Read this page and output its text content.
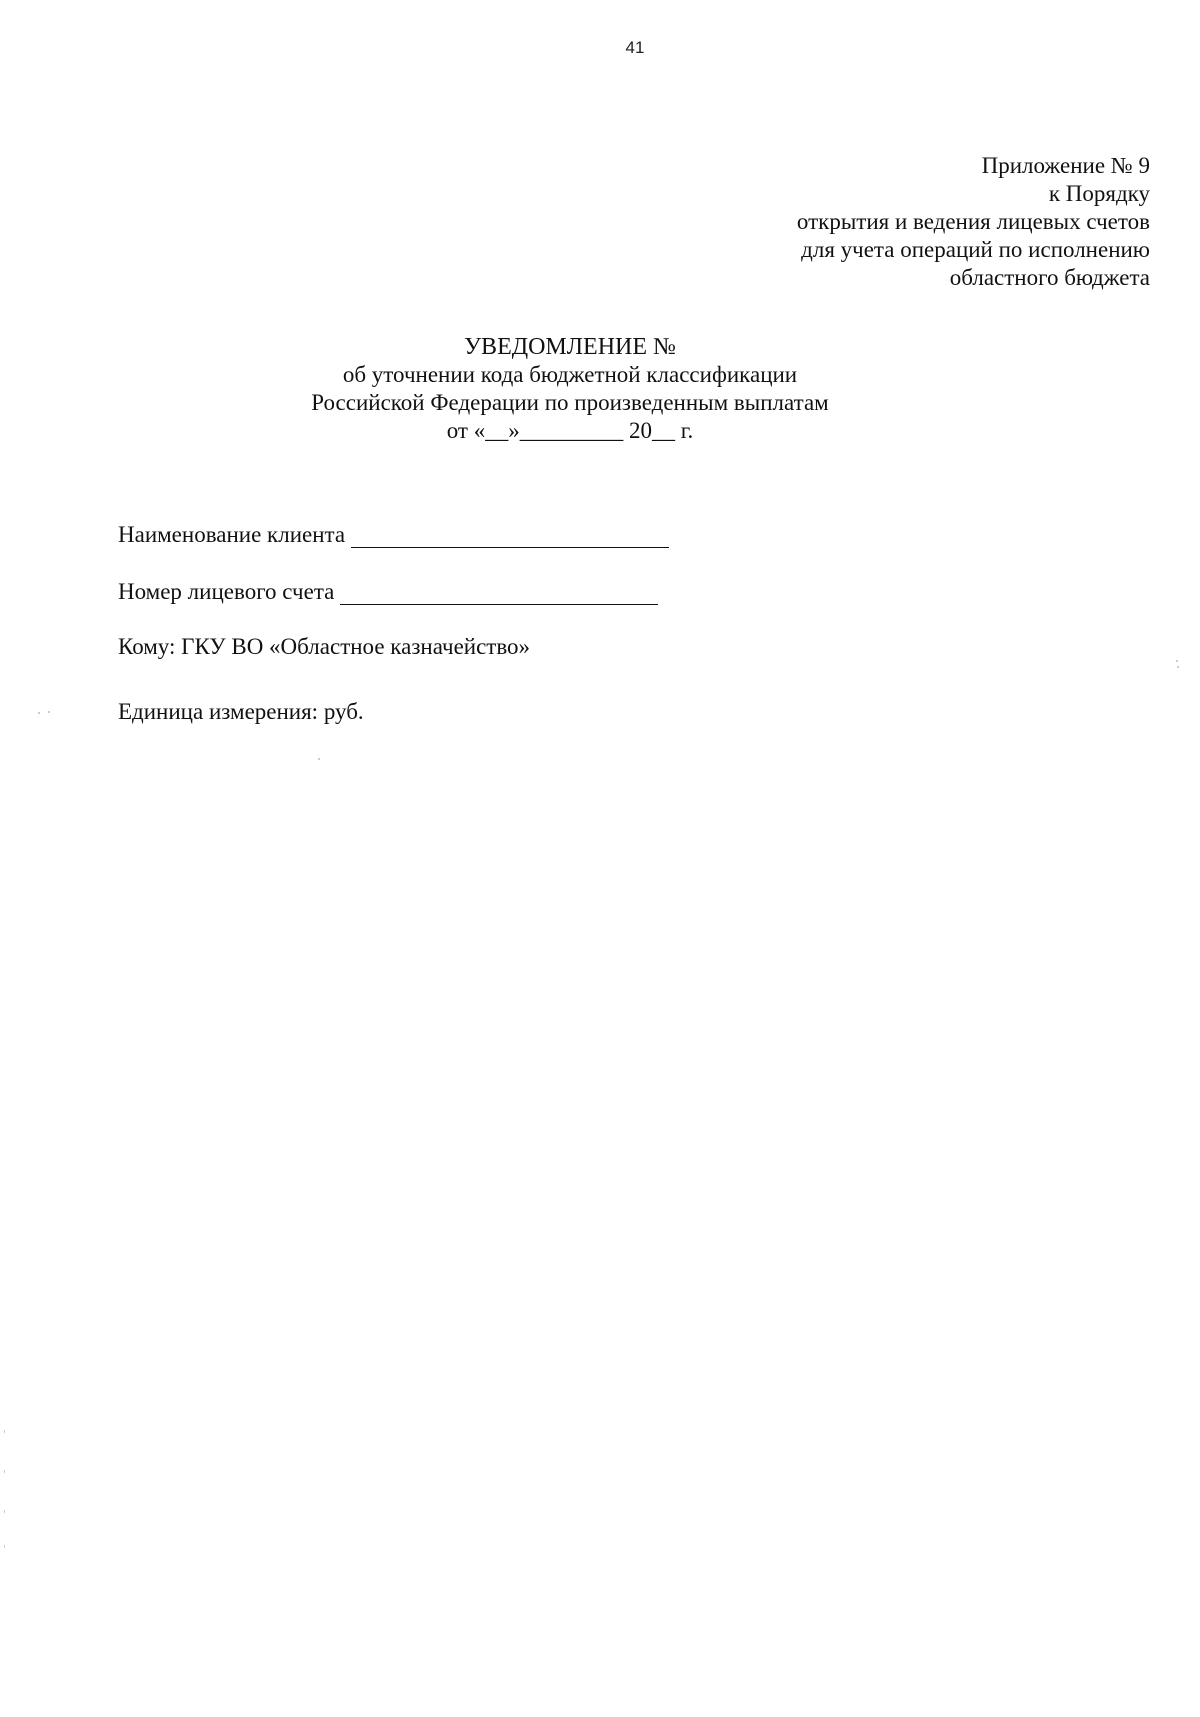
41
Приложение № 9
к Порядку
открытия и ведения лицевых счетов
для учета операций по исполнению
областного бюджета
УВЕДОМЛЕНИЕ №
об уточнении кода бюджетной классификации
Российской Федерации по произведенным выплатам
от «__»_________ 20__ г.
Наименование клиента
Номер лицевого счета
Кому: ГКУ ВО «Областное казначейство»
Единица измерения: руб.
